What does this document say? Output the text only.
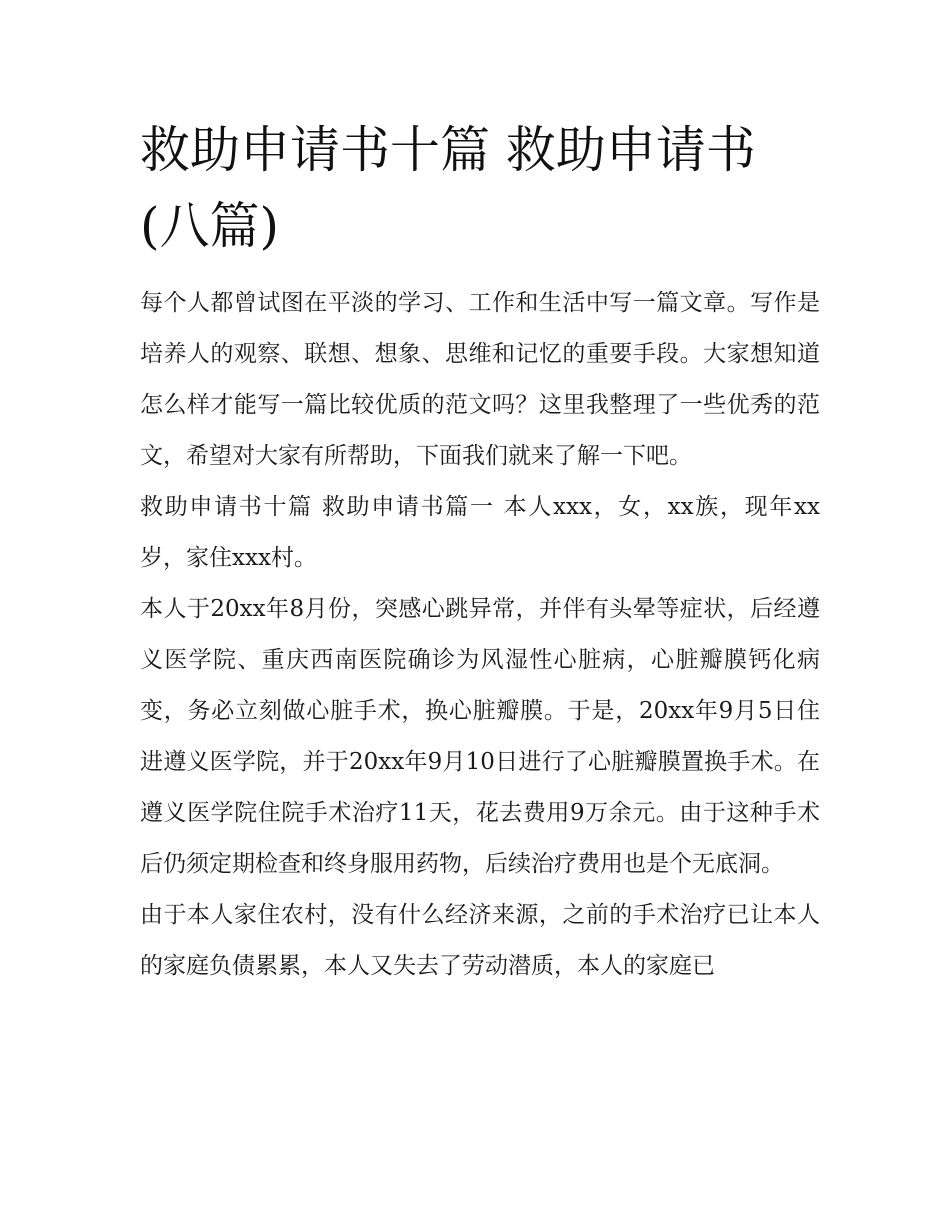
救助申请书十篇 救助申请书(八篇)

每个人都曾试图在平淡的学习、工作和生活中写一篇文章。写作是培养人的观察、联想、想象、思维和记忆的重要手段。大家想知道怎么样才能写一篇比较优质的范文吗？这里我整理了一些优秀的范文，希望对大家有所帮助，下面我们就来了解一下吧。

救助申请书十篇 救助申请书篇一 本人xxx，女，xx族，现年xx岁，家住xxx村。

本人于20xx年8月份，突感心跳异常，并伴有头晕等症状，后经遵义医学院、重庆西南医院确诊为风湿性心脏病，心脏瓣膜钙化病变，务必立刻做心脏手术，换心脏瓣膜。于是，20xx年9月5日住进遵义医学院，并于20xx年9月10日进行了心脏瓣膜置换手术。在遵义医学院住院手术治疗11天，花去费用9万余元。由于这种手术后仍须定期检查和终身服用药物，后续治疗费用也是个无底洞。

由于本人家住农村，没有什么经济来源，之前的手术治疗已让本人的家庭负债累累，本人又失去了劳动潜质，本人的家庭已
